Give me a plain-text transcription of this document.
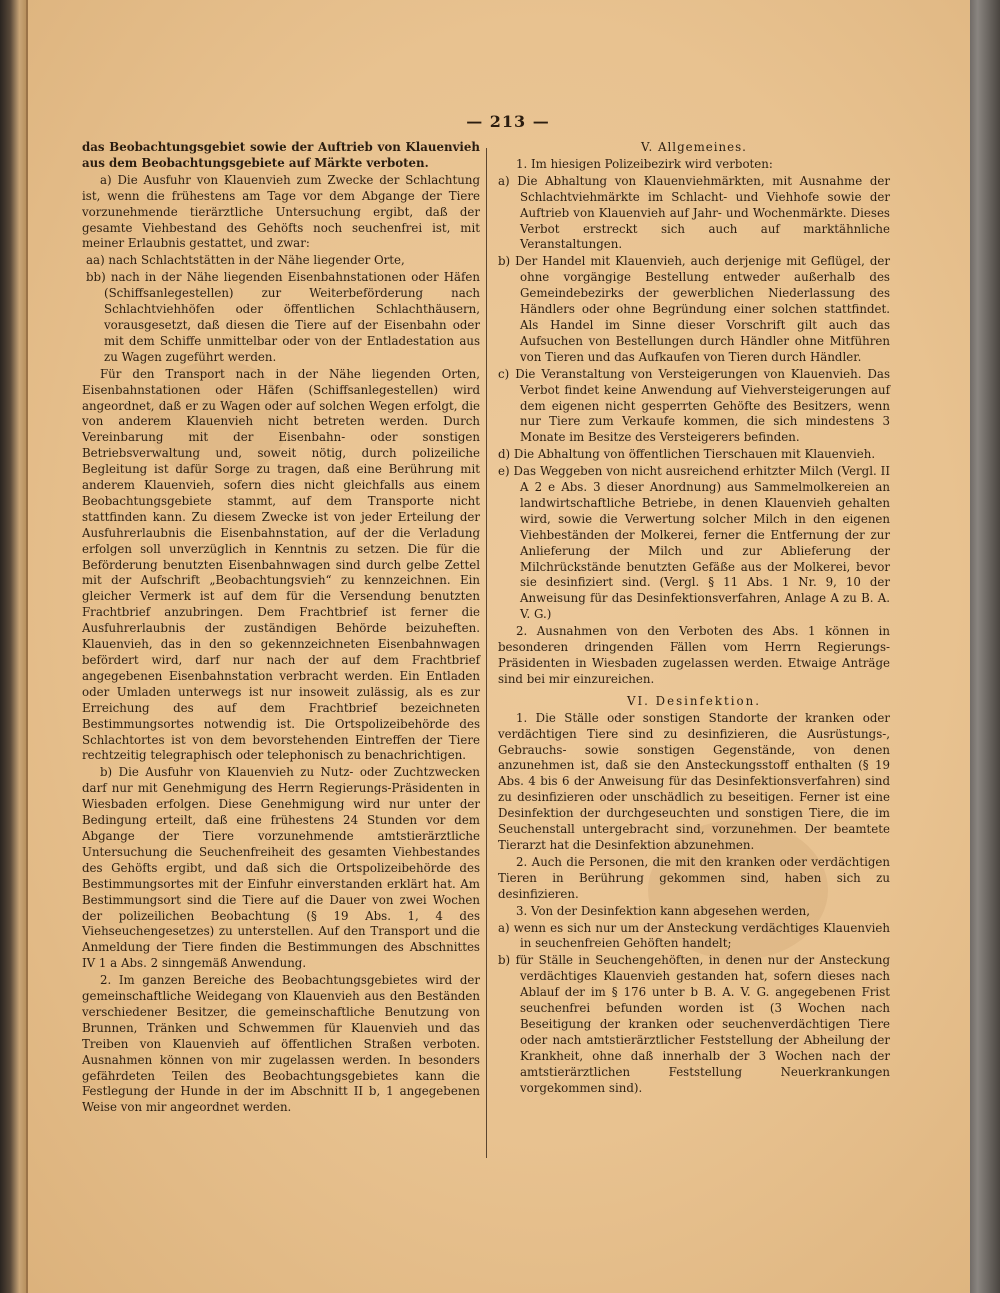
— 213 —

das Beobachtungsgebiet sowie der Auftrieb von Klauenvieh aus dem Beobachtungsgebiete auf Märkte verboten.

a) Die Ausfuhr von Klauenvieh zum Zwecke der Schlachtung ist, wenn die frühestens am Tage vor dem Abgange der Tiere vorzunehmende tierärztliche Untersuchung ergibt, daß der gesamte Viehbestand des Gehöfts noch seuchenfrei ist, mit meiner Erlaubnis gestattet, und zwar:

aa) nach Schlachtstätten in der Nähe liegender Orte,

bb) nach in der Nähe liegenden Eisenbahnstationen oder Häfen (Schiffsanlegestellen) zur Weiterbeförderung nach Schlachtviehhöfen oder öffentlichen Schlachthäusern, vorausgesetzt, daß diesen die Tiere auf der Eisenbahn oder mit dem Schiffe unmittelbar oder von der Entladestation aus zu Wagen zugeführt werden.

Für den Transport nach in der Nähe liegenden Orten, Eisenbahnstationen oder Häfen (Schiffsanlegestellen) wird angeordnet, daß er zu Wagen oder auf solchen Wegen erfolgt, die von anderem Klauenvieh nicht betreten werden. Durch Vereinbarung mit der Eisenbahn- oder sonstigen Betriebsverwaltung und, soweit nötig, durch polizeiliche Begleitung ist dafür Sorge zu tragen, daß eine Berührung mit anderem Klauenvieh, sofern dies nicht gleichfalls aus einem Beobachtungsgebiete stammt, auf dem Transporte nicht stattfinden kann. Zu diesem Zwecke ist von jeder Erteilung der Ausfuhrerlaubnis die Eisenbahnstation, auf der die Verladung erfolgen soll unverzüglich in Kenntnis zu setzen. Die für die Beförderung benutzten Eisenbahnwagen sind durch gelbe Zettel mit der Aufschrift „Beobachtungsvieh“ zu kennzeichnen. Ein gleicher Vermerk ist auf dem für die Versendung benutzten Frachtbrief anzubringen. Dem Frachtbrief ist ferner die Ausfuhrerlaubnis der zuständigen Behörde beizuheften. Klauenvieh, das in den so gekennzeichneten Eisenbahnwagen befördert wird, darf nur nach der auf dem Frachtbrief angegebenen Eisenbahnstation verbracht werden. Ein Entladen oder Umladen unterwegs ist nur insoweit zulässig, als es zur Erreichung des auf dem Frachtbrief bezeichneten Bestimmungsortes notwendig ist. Die Ortspolizeibehörde des Schlachtortes ist von dem bevorstehenden Eintreffen der Tiere rechtzeitig telegraphisch oder telephonisch zu benachrichtigen.

b) Die Ausfuhr von Klauenvieh zu Nutz- oder Zuchtzwecken darf nur mit Genehmigung des Herrn Regierungs-Präsidenten in Wiesbaden erfolgen. Diese Genehmigung wird nur unter der Bedingung erteilt, daß eine frühestens 24 Stunden vor dem Abgange der Tiere vorzunehmende amtstierärztliche Untersuchung die Seuchenfreiheit des gesamten Viehbestandes des Gehöfts ergibt, und daß sich die Ortspolizeibehörde des Bestimmungsortes mit der Einfuhr einverstanden erklärt hat. Am Bestimmungsort sind die Tiere auf die Dauer von zwei Wochen der polizeilichen Beobachtung (§ 19 Abs. 1, 4 des Viehseuchengesetzes) zu unterstellen. Auf den Transport und die Anmeldung der Tiere finden die Bestimmungen des Abschnittes IV 1 a Abs. 2 sinngemäß Anwendung.

2. Im ganzen Bereiche des Beobachtungsgebietes wird der gemeinschaftliche Weidegang von Klauenvieh aus den Beständen verschiedener Besitzer, die gemeinschaftliche Benutzung von Brunnen, Tränken und Schwemmen für Klauenvieh und das Treiben von Klauenvieh auf öffentlichen Straßen verboten. Ausnahmen können von mir zugelassen werden. In besonders gefährdeten Teilen des Beobachtungsgebietes kann die Festlegung der Hunde in der im Abschnitt II b, 1 angegebenen Weise von mir angeordnet werden.

V. Allgemeines.

1. Im hiesigen Polizeibezirk wird verboten:

a) Die Abhaltung von Klauenviehmärkten, mit Ausnahme der Schlachtviehmärkte im Schlacht- und Viehhofe sowie der Auftrieb von Klauenvieh auf Jahr- und Wochenmärkte. Dieses Verbot erstreckt sich auch auf marktähnliche Veranstaltungen.

b) Der Handel mit Klauenvieh, auch derjenige mit Geflügel, der ohne vorgängige Bestellung entweder außerhalb des Gemeindebezirks der gewerblichen Niederlassung des Händlers oder ohne Begründung einer solchen stattfindet. Als Handel im Sinne dieser Vorschrift gilt auch das Aufsuchen von Bestellungen durch Händler ohne Mitführen von Tieren und das Aufkaufen von Tieren durch Händler.

c) Die Veranstaltung von Versteigerungen von Klauenvieh. Das Verbot findet keine Anwendung auf Viehversteigerungen auf dem eigenen nicht gesperrten Gehöfte des Besitzers, wenn nur Tiere zum Verkaufe kommen, die sich mindestens 3 Monate im Besitze des Versteigerers befinden.

d) Die Abhaltung von öffentlichen Tierschauen mit Klauenvieh.

e) Das Weggeben von nicht ausreichend erhitzter Milch (Vergl. II A 2 e Abs. 3 dieser Anordnung) aus Sammelmolkereien an landwirtschaftliche Betriebe, in denen Klauenvieh gehalten wird, sowie die Verwertung solcher Milch in den eigenen Viehbeständen der Molkerei, ferner die Entfernung der zur Anlieferung der Milch und zur Ablieferung der Milchrückstände benutzten Gefäße aus der Molkerei, bevor sie desinfiziert sind. (Vergl. § 11 Abs. 1 Nr. 9, 10 der Anweisung für das Desinfektionsverfahren, Anlage A zu B. A. V. G.)

2. Ausnahmen von den Verboten des Abs. 1 können in besonderen dringenden Fällen vom Herrn Regierungs-Präsidenten in Wiesbaden zugelassen werden. Etwaige Anträge sind bei mir einzureichen.

VI. Desinfektion.

1. Die Ställe oder sonstigen Standorte der kranken oder verdächtigen Tiere sind zu desinfizieren, die Ausrüstungs-, Gebrauchs- sowie sonstigen Gegenstände, von denen anzunehmen ist, daß sie den Ansteckungsstoff enthalten (§ 19 Abs. 4 bis 6 der Anweisung für das Desinfektionsverfahren) sind zu desinfizieren oder unschädlich zu beseitigen. Ferner ist eine Desinfektion der durchgeseuchten und sonstigen Tiere, die im Seuchenstall untergebracht sind, vorzunehmen. Der beamtete Tierarzt hat die Desinfektion abzunehmen.

2. Auch die Personen, die mit den kranken oder verdächtigen Tieren in Berührung gekommen sind, haben sich zu desinfizieren.

3. Von der Desinfektion kann abgesehen werden,

a) wenn es sich nur um der Ansteckung verdächtiges Klauenvieh in seuchenfreien Gehöften handelt;

b) für Ställe in Seuchengehöften, in denen nur der Ansteckung verdächtiges Klauenvieh gestanden hat, sofern dieses nach Ablauf der im § 176 unter b B. A. V. G. angegebenen Frist seuchenfrei befunden worden ist (3 Wochen nach Beseitigung der kranken oder seuchenverdächtigen Tiere oder nach amtstierärztlicher Feststellung der Abheilung der Krankheit, ohne daß innerhalb der 3 Wochen nach der amtstierärztlichen Feststellung Neuerkrankungen vorgekommen sind).
